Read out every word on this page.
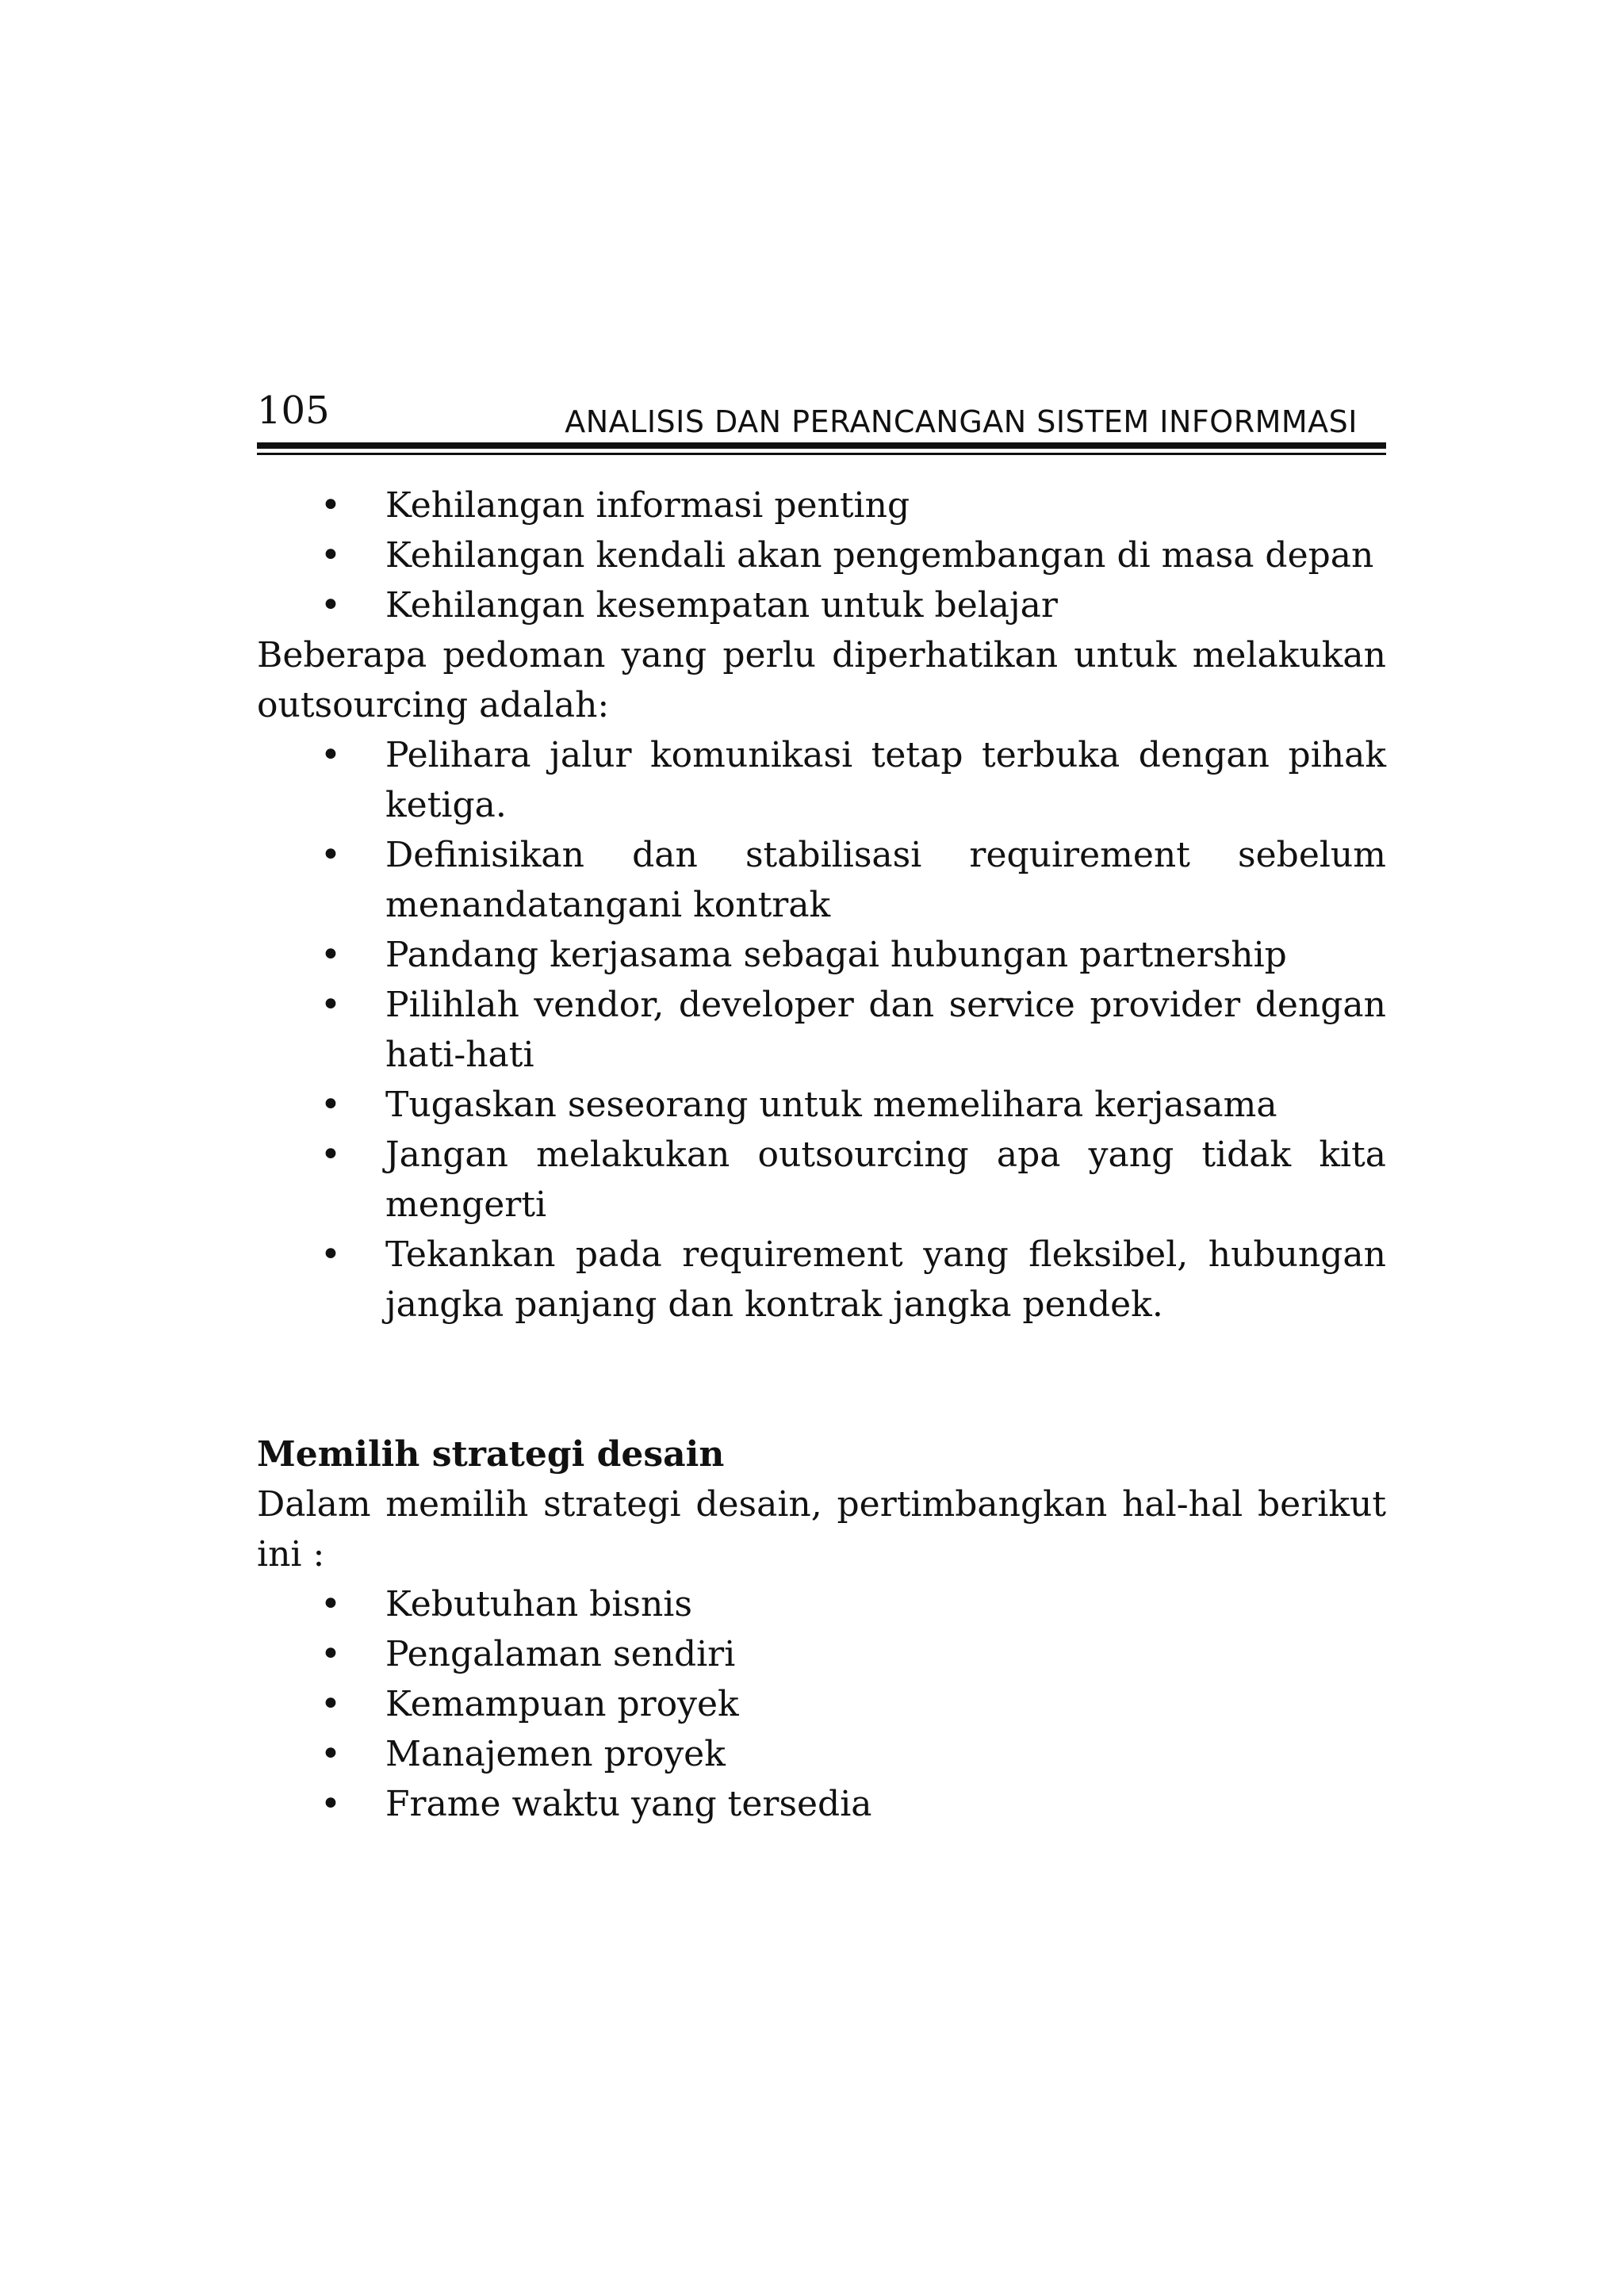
105	ANALISIS DAN PERANCANGAN SISTEM INFORMMASI
• Kehilangan informasi penting
• Kehilangan kendali akan pengembangan di masa depan
• Kehilangan kesempatan untuk belajar

Beberapa pedoman yang perlu diperhatikan untuk melakukan outsourcing adalah:

• Pelihara jalur komunikasi tetap terbuka dengan pihak ketiga.
• Definisikan dan stabilisasi requirement sebelum menandatangani kontrak
• Pandang kerjasama sebagai hubungan partnership
• Pilihlah vendor, developer dan service provider dengan hati-hati
• Tugaskan seseorang untuk memelihara kerjasama
• Jangan melakukan outsourcing apa yang tidak kita mengerti
• Tekankan pada requirement yang fleksibel, hubungan jangka panjang dan kontrak jangka pendek.
Memilih strategi desain

Dalam memilih strategi desain, pertimbangkan hal-hal berikut ini :

• Kebutuhan bisnis
• Pengalaman sendiri
• Kemampuan proyek
• Manajemen proyek
• Frame waktu yang tersedia
